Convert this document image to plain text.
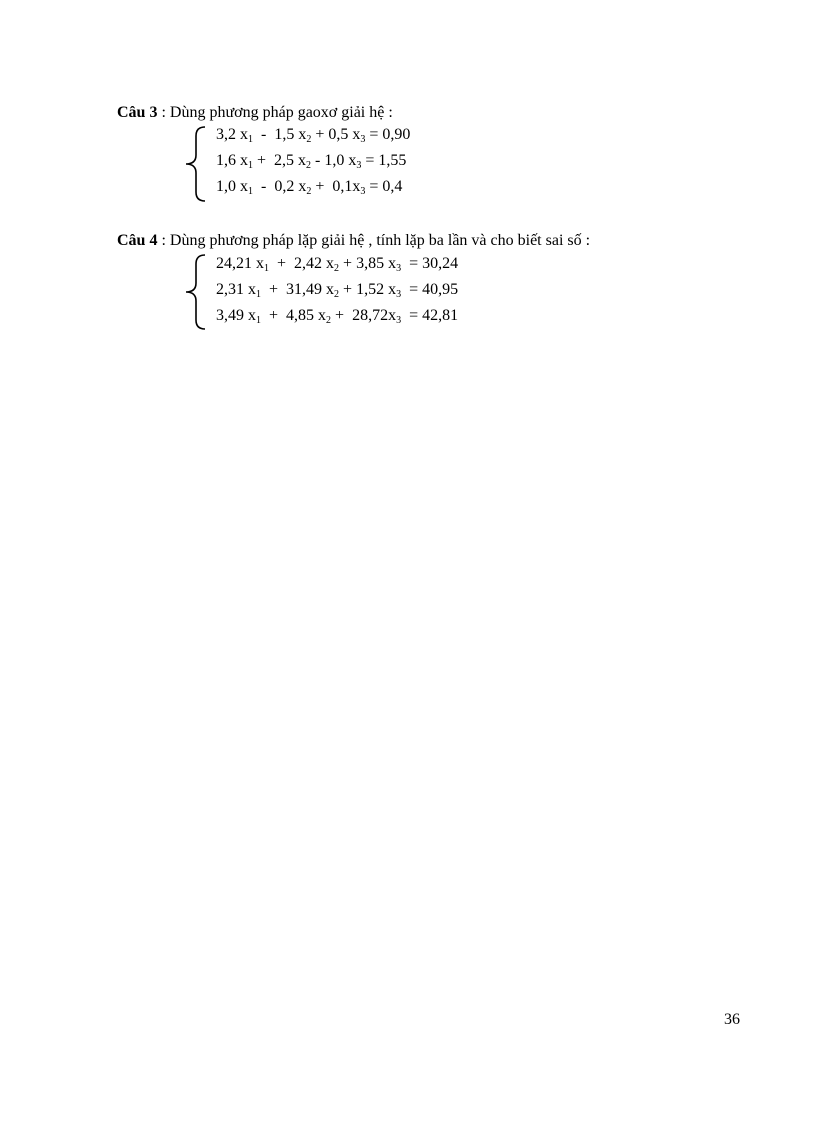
Câu 3 : Dùng phương pháp gaoxơ giải hệ :
3,2 $x_1 - 1,5$ $x_2 + 0,5$ $x_3 = 0,90$
1,6 $x_1 + 2,5$ $x_2 - 1,0$ $x_3 = 1,55$
1,0 $x_1 - 0,2$ $x_2 + 0,1x_3 = 0,4$
Câu 4 : Dùng phương pháp lặp giải hệ , tính lặp ba lần và cho biết sai số :
24,21 $x_1 + 2,42$ $x_2 + 3,85$ $x_3 = 30,24$
2,31 $x_1 + 31,49$ $x_2 + 1,52$ $x_3 = 40,95$
3,49 $x_1 + 4,85$ $x_2 + 28,72x_3 = 42,81$
36
